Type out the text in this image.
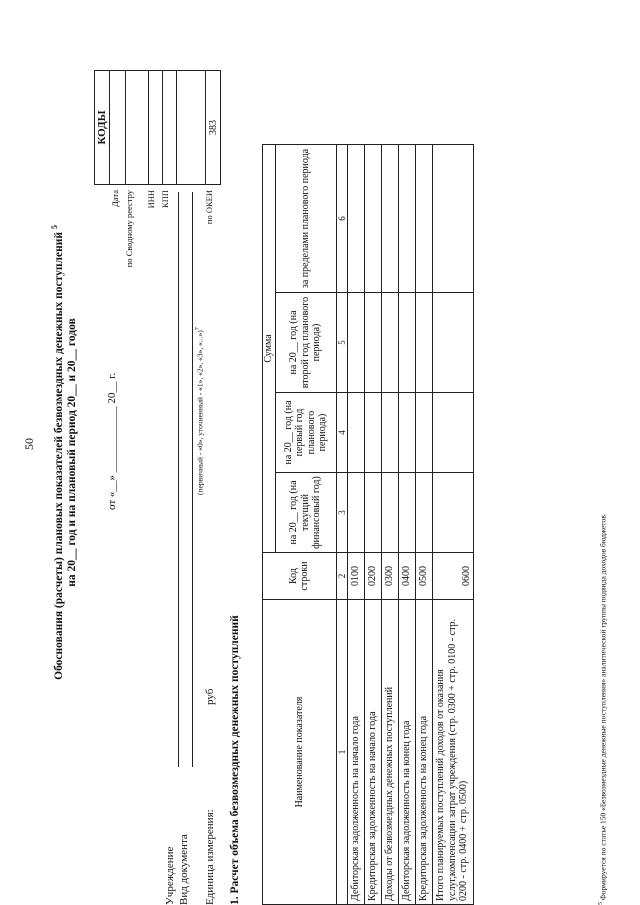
50 Обоснования (расчеты) плановых показателей безвозмездных денежных поступлений $^5$
на 20__ год и на плановый период 20__ и 20__ годов	от «__» ____________ 20__ г.
Учреждение Вид документа
(первичный - «0», уточненный - «1», «2», «3», «...»)$^7$
Единица измерения:
руб
Дата по Сводному реестру ИНН КПП	по ОКЕИ
КОДЫ

383
1. Расчет объема безвозмездных денежных поступлений	Наименование показателя	Код строки	Сумма			
		на 20__ год (на текущий финансовый год)	на 20__ год (на первый год планового периода)	на 20__ год (на второй год планового периода)	за пределами планового периода
1	2	3	4	5	6
Дебиторская задолженность на начало года	0100				
Кредиторская задолженность на начало года	0200				
Доходы от безвозмездных денежных поступлений	0300				
Дебиторская задолженность на конец года	0400				
Кредиторская задолженность на конец года	0500				
Итого планируемых поступлений доходов от оказания услуг,компенсации затрат учреждения (стр. 0300 + стр. 0100 - стр. 0200 - стр. 0400 + стр. 0500)	0600				
$^5$ Формируется по статье 150 «Безвозмездные денежные поступления» аналитической группы подвида доходов бюджетов.
